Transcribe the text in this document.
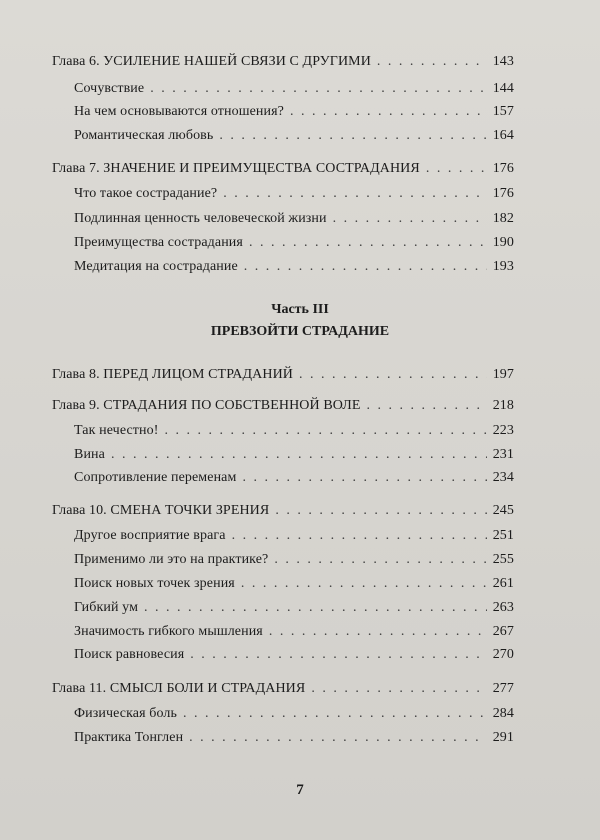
Глава 6. УСИЛЕНИЕ НАШЕЙ СВЯЗИ С ДРУГИМИ . . .	143
Сочувствие . . .	144
На чем основываются отношения? . . .	157
Романтическая любовь . . .	164
Глава 7. ЗНАЧЕНИЕ И ПРЕИМУЩЕСТВА СОСТРАДАНИЯ . . .	176
Что такое сострадание? . . .	176
Подлинная ценность человеческой жизни . . .	182
Преимущества сострадания . . .	190
Медитация на сострадание . . .	193
Часть III
ПРЕВЗОЙТИ СТРАДАНИЕ
Глава 8. ПЕРЕД ЛИЦОМ СТРАДАНИЙ . . .	197
Глава 9. СТРАДАНИЯ ПО СОБСТВЕННОЙ ВОЛЕ . . .	218
Так нечестно! . . .	223
Вина . . .	231
Сопротивление переменам . . .	234
Глава 10. СМЕНА ТОЧКИ ЗРЕНИЯ . . .	245
Другое восприятие врага . . .	251
Применимо ли это на практике? . . .	255
Поиск новых точек зрения . . .	261
Гибкий ум . . .	263
Значимость гибкого мышления . . .	267
Поиск равновесия . . .	270
Глава 11. СМЫСЛ БОЛИ И СТРАДАНИЯ . . .	277
Физическая боль . . .	284
Практика Тонглен . . .	291
7
